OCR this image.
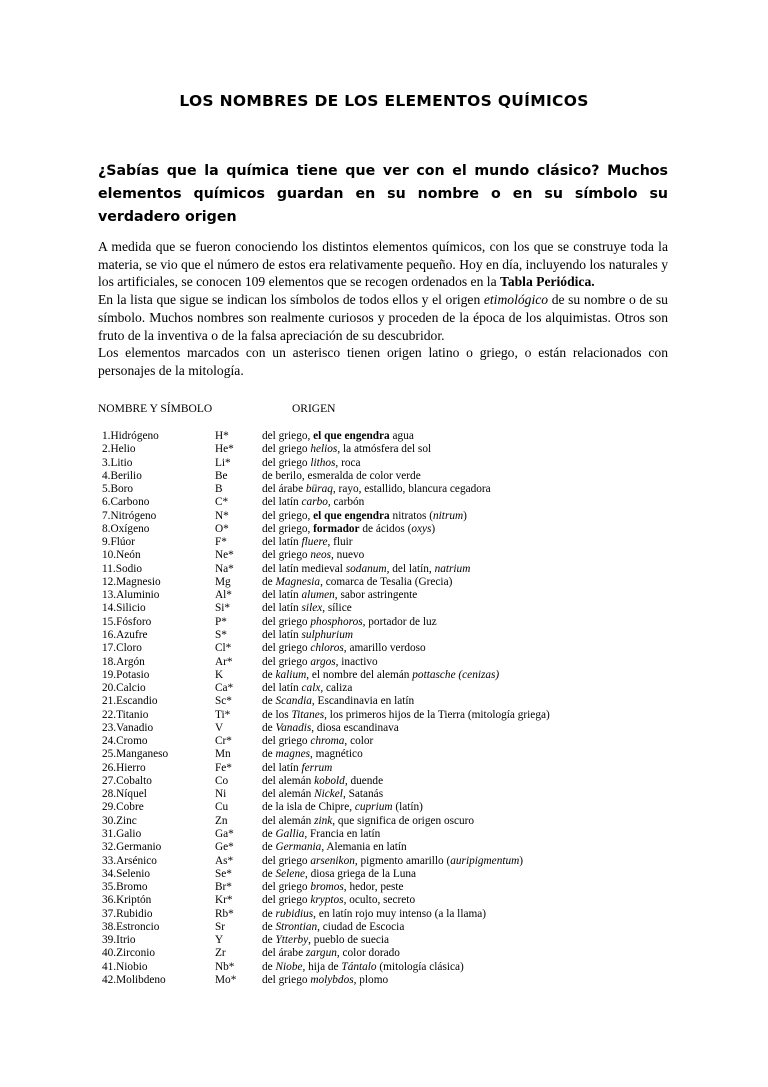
LOS NOMBRES DE LOS ELEMENTOS QUÍMICOS

¿Sabías que la química tiene que ver con el mundo clásico? Muchos elementos químicos guardan en su nombre o en su símbolo su verdadero origen

A medida que se fueron conociendo los distintos elementos químicos, con los que se construye toda la materia, se vio que el número de estos era relativamente pequeño. Hoy en día, incluyendo los naturales y los artificiales, se conocen 109 elementos que se recogen ordenados en la Tabla Periódica.

En la lista que sigue se indican los símbolos de todos ellos y el origen etimológico de su nombre o de su símbolo. Muchos nombres son realmente curiosos y proceden de la época de los alquimistas. Otros son fruto de la inventiva o de la falsa apreciación de su descubridor.

Los elementos marcados con un asterisco tienen origen latino o griego, o están relacionados con personajes de la mitología.

NOMBRE Y SÍMBOLO	ORIGEN
1.Hidrógeno	H*	del griego, el que engendra agua
2.Helio	He*	del griego helios, la atmósfera del sol
3.Litio	Li*	del griego lithos, roca
4.Berilio	Be	de berilo, esmeralda de color verde
5.Boro	B	del árabe büraq, rayo, estallido, blancura cegadora
6.Carbono	C*	del latín carbo, carbón
7.Nitrógeno	N*	del griego, el que engendra nitratos (nitrum)
8.Oxígeno	O*	del griego, formador de ácidos (oxys)
9.Flúor	F*	del latín fluere, fluir
10.Neón	Ne*	del griego neos, nuevo
11.Sodio	Na*	del latín medieval sodanum, del latín, natrium
12.Magnesio	Mg	de Magnesia, comarca de Tesalia (Grecia)
13.Aluminio	Al*	del latín alumen, sabor astringente
14.Silicio	Si*	del latín silex, sílice
15.Fósforo	P*	del griego phosphoros, portador de luz
16.Azufre	S*	del latín sulphurium
17.Cloro	Cl*	del griego chloros, amarillo verdoso
18.Argón	Ar*	del griego argos, inactivo
19.Potasio	K	de kalium, el nombre del alemán pottasche (cenizas)
20.Calcio	Ca*	del latín calx, caliza
21.Escandio	Sc*	de Scandia, Escandinavia en latín
22.Titanio	Ti*	de los Titanes, los primeros hijos de la Tierra (mitología griega)
23.Vanadio	V	de Vanadis, diosa escandinava
24.Cromo	Cr*	del griego chroma, color
25.Manganeso	Mn	de magnes, magnético
26.Hierro	Fe*	del latín ferrum
27.Cobalto	Co	del alemán kobold, duende
28.Níquel	Ni	del alemán Nickel, Satanás
29.Cobre	Cu	de la isla de Chipre, cuprium (latín)
30.Zinc	Zn	del alemán zink, que significa de origen oscuro
31.Galio	Ga*	de Gallia, Francia en latín
32.Germanio	Ge*	de Germania, Alemania en latín
33.Arsénico	As*	del griego arsenikon, pigmento amarillo (auripigmentum)
34.Selenio	Se*	de Selene, diosa griega de la Luna
35.Bromo	Br*	del griego bromos, hedor, peste
36.Kriptón	Kr*	del griego kryptos, oculto, secreto
37.Rubidio	Rb*	de rubidius, en latín rojo muy intenso (a la llama)
38.Estroncio	Sr	de Strontian, ciudad de Escocia
39.Itrio	Y	de Ytterby, pueblo de suecia
40.Zirconio	Zr	del árabe zargun, color dorado
41.Niobio	Nb*	de Niobe, hija de Tántalo (mitología clásica)
42.Molibdeno	Mo*	del griego molybdos, plomo
